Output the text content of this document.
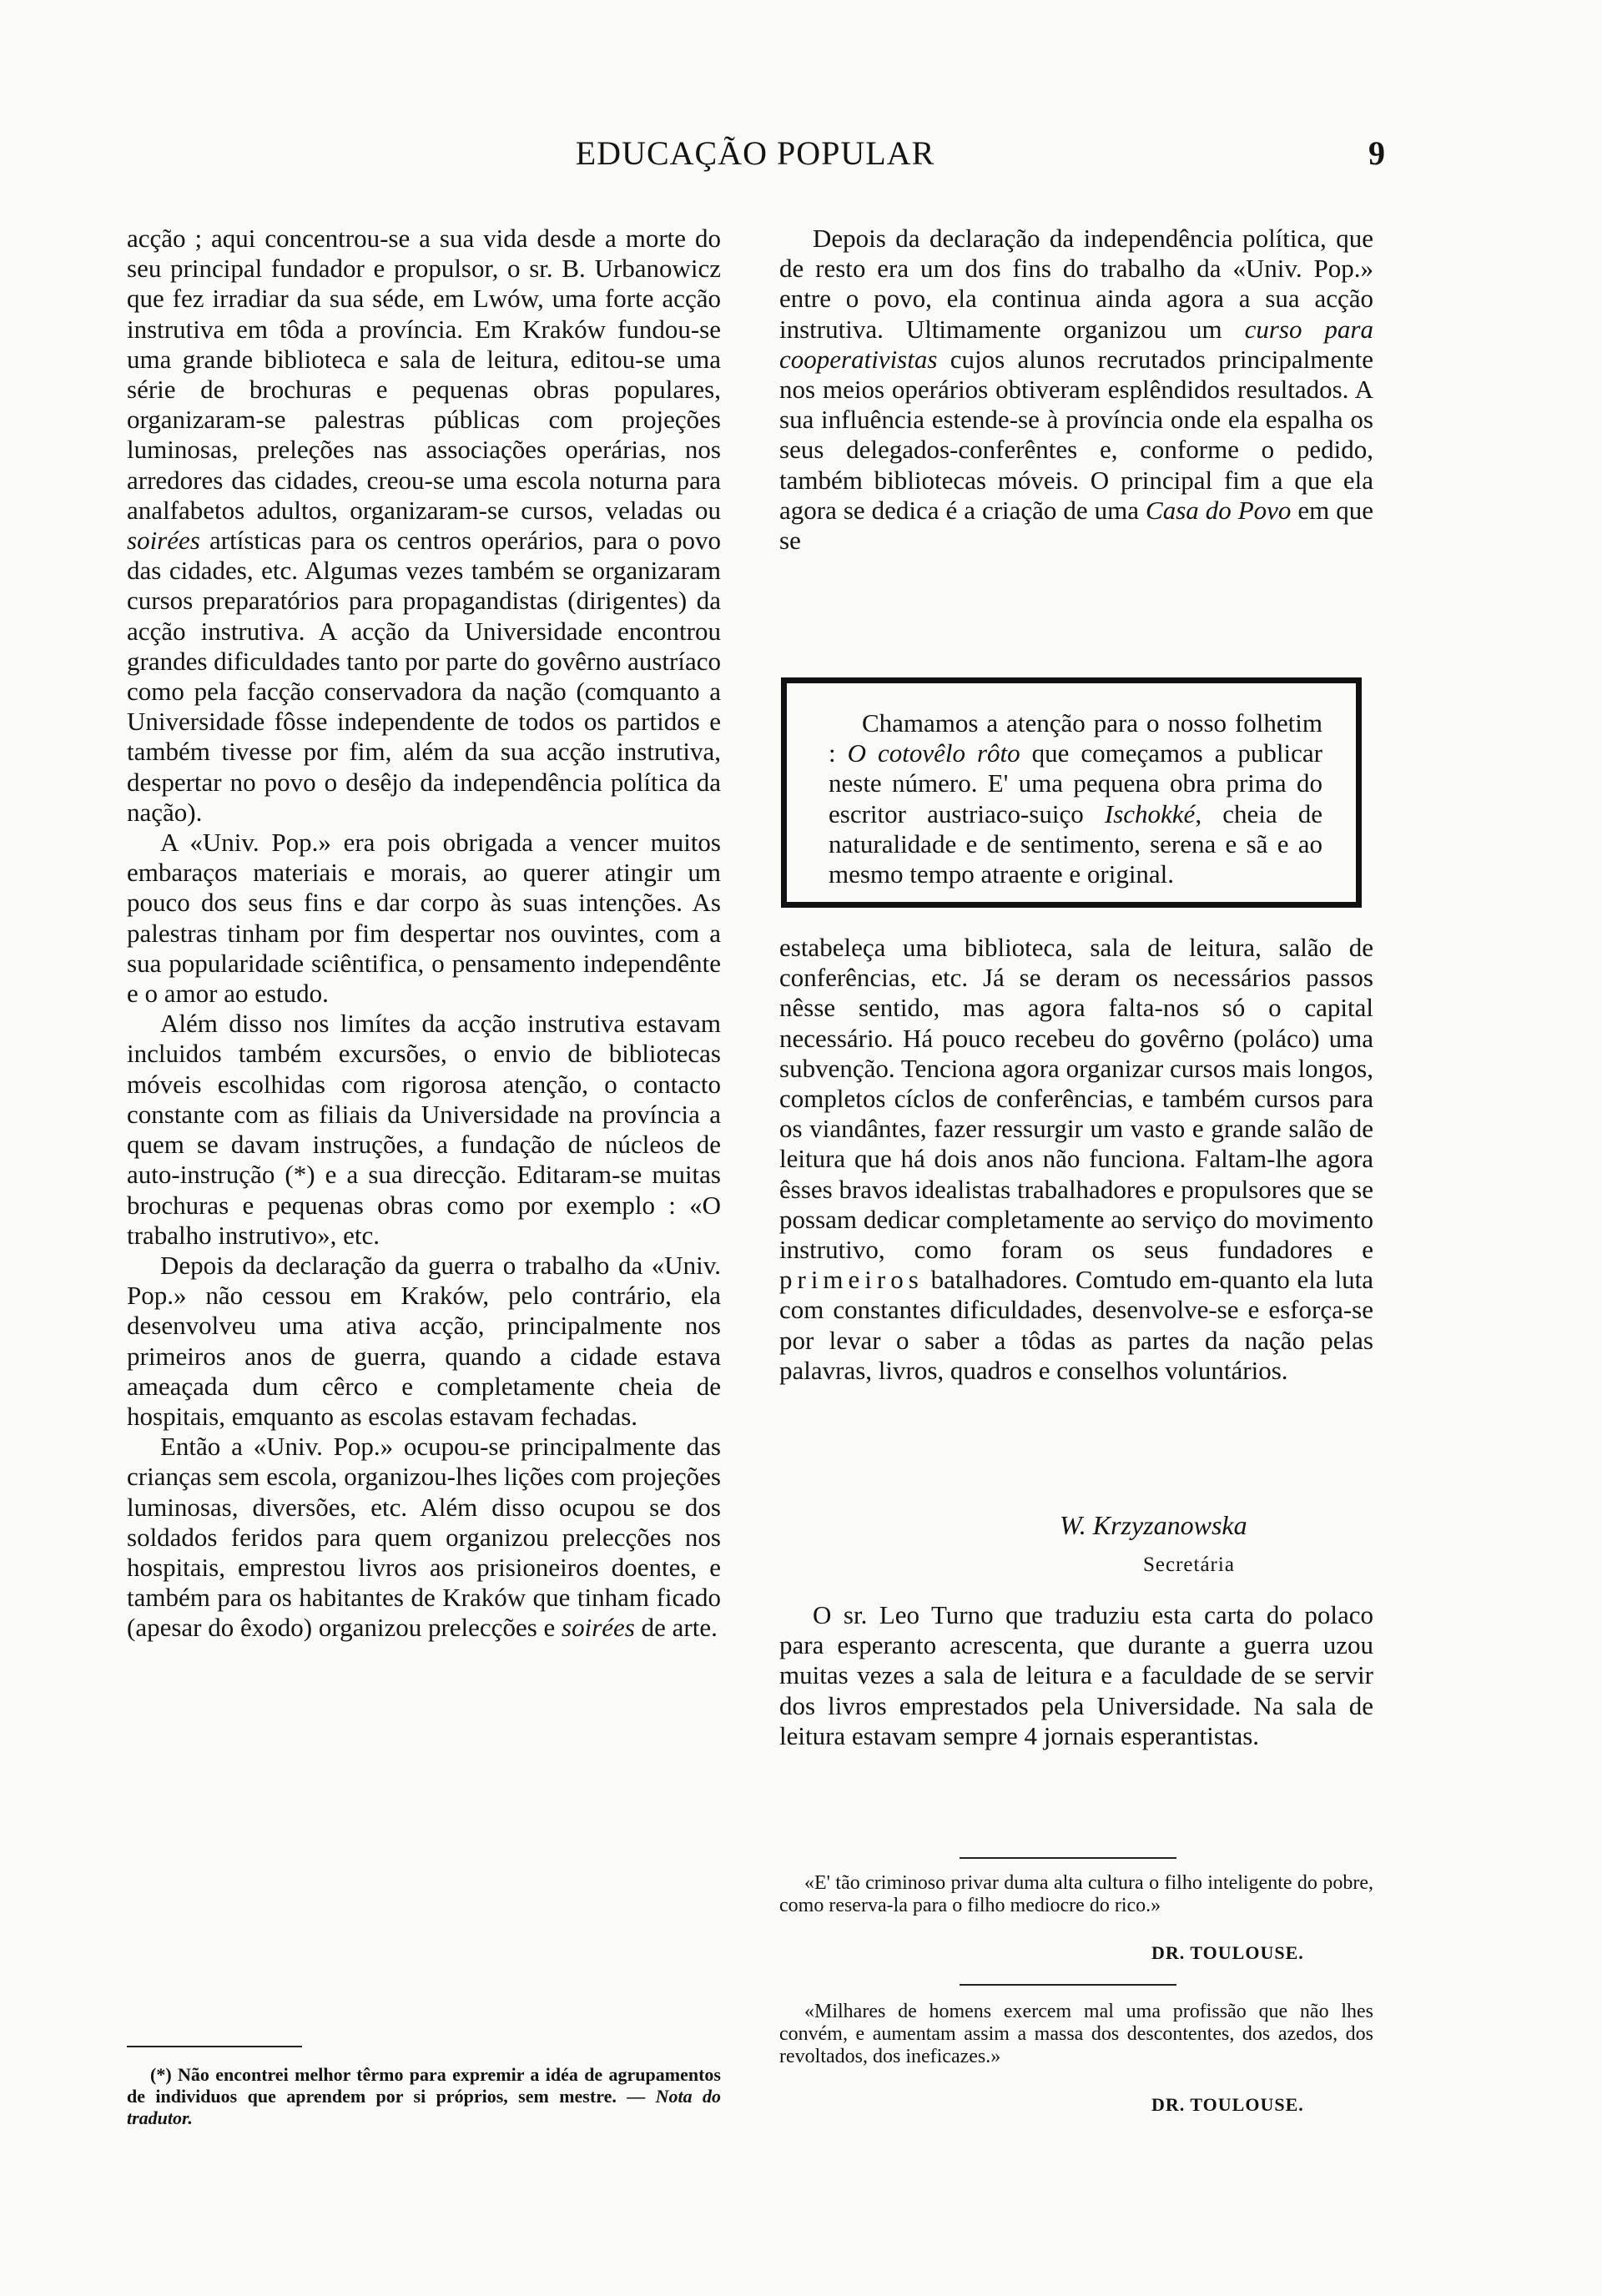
EDUCAÇÃO POPULAR	9

acção ; aqui concentrou-se a sua vida desde a morte do seu principal fundador e propulsor, o sr. B. Urbanowicz que fez irradiar da sua séde, em Lwów, uma forte acção instrutiva em tôda a província. Em Kraków fundou-se uma grande biblioteca e sala de leitura, editou-se uma série de brochuras e pequenas obras populares, organizaram-se palestras públicas com projeções luminosas, preleções nas associações operárias, nos arredores das cidades, creou-se uma escola noturna para analfabetos adultos, organizaram-se cursos, veladas ou soirées artísticas para os centros operários, para o povo das cidades, etc. Algumas vezes também se organizaram cursos preparatórios para propagandistas (dirigentes) da acção instrutiva. A acção da Universidade encontrou grandes dificuldades tanto por parte do govêrno austríaco como pela facção conservadora da nação (comquanto a Universidade fôsse independente de todos os partidos e também tivesse por fim, além da sua acção instrutiva, despertar no povo o desêjo da independência política da nação).

A «Univ. Pop.» era pois obrigada a vencer muitos embaraços materiais e morais, ao querer atingir um pouco dos seus fins e dar corpo às suas intenções. As palestras tinham por fim despertar nos ouvintes, com a sua popularidade sciêntifica, o pensamento independênte e o amor ao estudo.

Além disso nos limítes da acção instrutiva estavam incluidos também excursões, o envio de bibliotecas móveis escolhidas com rigorosa atenção, o contacto constante com as filiais da Universidade na província a quem se davam instruções, a fundação de núcleos de auto-instrução (*) e a sua direcção. Editaram-se muitas brochuras e pequenas obras como por exemplo : «O trabalho instrutivo», etc.

Depois da declaração da guerra o trabalho da «Univ. Pop.» não cessou em Kraków, pelo contrário, ela desenvolveu uma ativa acção, principalmente nos primeiros anos de guerra, quando a cidade estava ameaçada dum cêrco e completamente cheia de hospitais, emquanto as escolas estavam fechadas.

Então a «Univ. Pop.» ocupou-se principalmente das crianças sem escola, organizou-lhes lições com projeções luminosas, diversões, etc. Além disso ocupou se dos soldados feridos para quem organizou prelecções nos hospitais, emprestou livros aos prisioneiros doentes, e também para os habitantes de Kraków que tinham ficado (apesar do êxodo) organizou prelecções e soirées de arte.

Depois da declaração da independência política, que de resto era um dos fins do trabalho da «Univ. Pop.» entre o povo, ela continua ainda agora a sua acção instrutiva. Ultimamente organizou um curso para cooperativistas cujos alunos recrutados principalmente nos meios operários obtiveram esplêndidos resultados. A sua influência estende-se à província onde ela espalha os seus delegados-conferêntes e, conforme o pedido, também bibliotecas móveis. O principal fim a que ela agora se dedica é a criação de uma Casa do Povo em que se

Chamamos a atenção para o nosso folhetim : O cotovêlo rôto que começamos a publicar neste número. E' uma pequena obra prima do escritor austriaco-suiço Ischokké, cheia de naturalidade e de sentimento, serena e sã e ao mesmo tempo atraente e original.

estabeleça uma biblioteca, sala de leitura, salão de conferências, etc. Já se deram os necessários passos nêsse sentido, mas agora falta-nos só o capital necessário. Há pouco recebeu do govêrno (poláco) uma subvenção. Tenciona agora organizar cursos mais longos, completos cíclos de conferências, e também cursos para os viandântes, fazer ressurgir um vasto e grande salão de leitura que há dois anos não funciona. Faltam-lhe agora êsses bravos idealistas trabalhadores e propulsores que se possam dedicar completamente ao serviço do movimento instrutivo, como foram os seus fundadores e primeiros batalhadores. Comtudo em-quanto ela luta com constantes dificuldades, desenvolve-se e esforça-se por levar o saber a tôdas as partes da nação pelas palavras, livros, quadros e conselhos voluntários.

W. Krzyzanowska
Secretária

O sr. Leo Turno que traduziu esta carta do polaco para esperanto acrescenta, que durante a guerra uzou muitas vezes a sala de leitura e a faculdade de se servir dos livros emprestados pela Universidade. Na sala de leitura estavam sempre 4 jornais esperantistas.

«E' tão criminoso privar duma alta cultura o filho inteligente do pobre, como reserva-la para o filho mediocre do rico.»

DR. TOULOUSE.

«Milhares de homens exercem mal uma profissão que não lhes convém, e aumentam assim a massa dos descontentes, dos azedos, dos revoltados, dos ineficazes.»

DR. TOULOUSE.

(*) Não encontrei melhor têrmo para expremir a idéa de agrupamentos de individuos que aprendem por si próprios, sem mestre. — Nota do tradutor.
